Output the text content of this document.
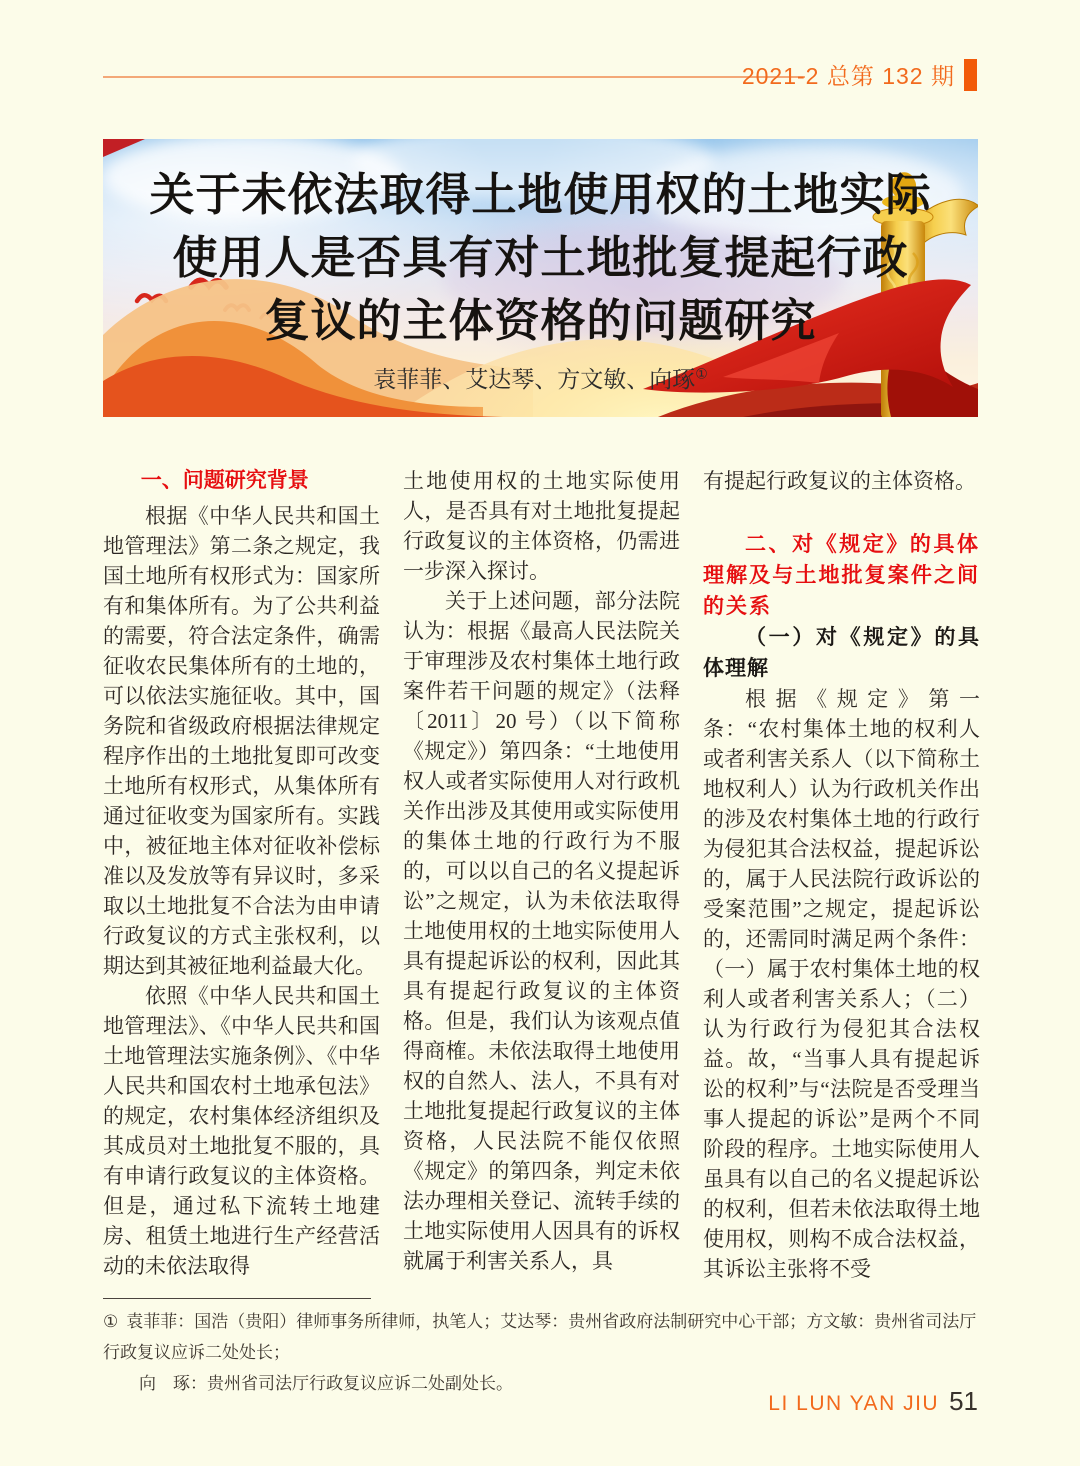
2021-2 总第 132 期
关于未依法取得土地使用权的土地实际
使用人是否具有对土地批复提起行政
复议的主体资格的问题研究
袁菲菲、艾达琴、方文敏、向琢①
一、问题研究背景

根据《中华人民共和国土地管理法》第二条之规定，我国土地所有权形式为：国家所有和集体所有。为了公共利益的需要，符合法定条件，确需征收农民集体所有的土地的，可以依法实施征收。其中，国务院和省级政府根据法律规定程序作出的土地批复即可改变土地所有权形式，从集体所有通过征收变为国家所有。实践中，被征地主体对征收补偿标准以及发放等有异议时，多采取以土地批复不合法为由申请行政复议的方式主张权利，以期达到其被征地利益最大化。

依照《中华人民共和国土地管理法》、《中华人民共和国土地管理法实施条例》、《中华人民共和国农村土地承包法》的规定，农村集体经济组织及其成员对土地批复不服的，具有申请行政复议的主体资格。但是，通过私下流转土地建房、租赁土地进行生产经营活动的未依法取得

土地使用权的土地实际使用人，是否具有对土地批复提起行政复议的主体资格，仍需进一步深入探讨。

关于上述问题，部分法院认为：根据《最高人民法院关于审理涉及农村集体土地行政案件若干问题的规定》（法释〔2011〕20 号）（以下简称《规定》）第四条：“土地使用权人或者实际使用人对行政机关作出涉及其使用或实际使用的集体土地的行政行为不服的，可以以自己的名义提起诉讼”之规定，认为未依法取得土地使用权的土地实际使用人具有提起诉讼的权利，因此其具有提起行政复议的主体资格。但是，我们认为该观点值得商榷。未依法取得土地使用权的自然人、法人，不具有对土地批复提起行政复议的主体资格，人民法院不能仅依照《规定》的第四条，判定未依法办理相关登记、流转手续的土地实际使用人因具有的诉权就属于利害关系人，具

有提起行政复议的主体资格。

二、对《规定》的具体理解及与土地批复案件之间的关系
（一）对《规定》的具体理解

根据《规定》第一条：“农村集体土地的权利人或者利害关系人（以下简称土地权利人）认为行政机关作出的涉及农村集体土地的行政行为侵犯其合法权益，提起诉讼的，属于人民法院行政诉讼的受案范围”之规定，提起诉讼的，还需同时满足两个条件：（一）属于农村集体土地的权利人或者利害关系人；（二）认为行政行为侵犯其合法权益。故，“当事人具有提起诉讼的权利”与“法院是否受理当事人提起的诉讼”是两个不同阶段的程序。土地实际使用人虽具有以自己的名义提起诉讼的权利，但若未依法取得土地使用权，则构不成合法权益，其诉讼主张将不受

① 袁菲菲：国浩（贵阳）律师事务所律师，执笔人；艾达琴：贵州省政府法制研究中心干部；方文敏：贵州省司法厅行政复议应诉二处处长；
向　琢：贵州省司法厅行政复议应诉二处副处长。
LI LUN YAN JIU 51
